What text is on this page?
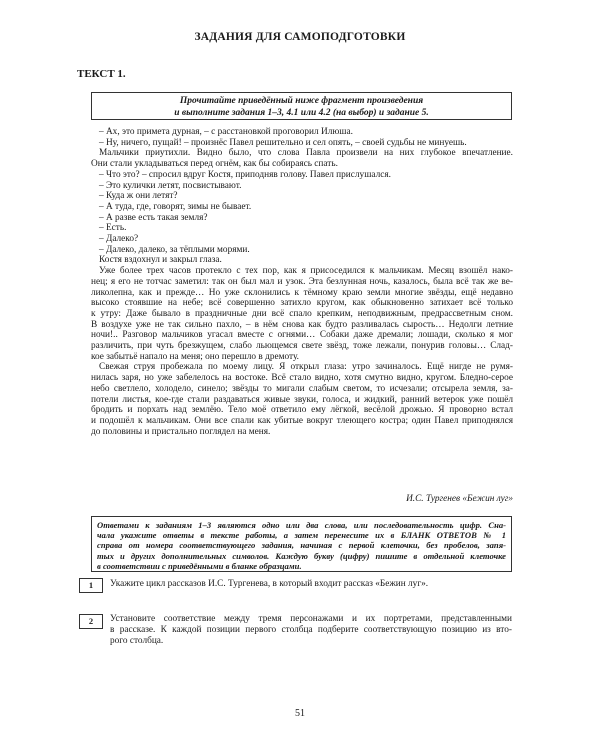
ЗАДАНИЯ ДЛЯ САМОПОДГОТОВКИ
ТЕКСТ 1.
Прочитайте приведённый ниже фрагмент произведения
и выполните задания 1–3, 4.1 или 4.2 (на выбор) и задание 5.
– Ах, это примета дурная, – с расстановкой проговорил Илюша.
– Ну, ничего, пущай! – произнёс Павел решительно и сел опять, – своей судьбы не минуешь.
Мальчики приутихли. Видно было, что слова Павла произвели на них глубокое впечатление.
Они стали укладываться перед огнём, как бы собираясь спать.
– Что это? – спросил вдруг Костя, приподняв голову. Павел прислушался.
– Это кулички летят, посвистывают.
– Куда ж они летят?
– А туда, где, говорят, зимы не бывает.
– А разве есть такая земля?
– Есть.
– Далеко?
– Далеко, далеко, за тёплыми морями.
Костя вздохнул и закрыл глаза.
Уже более трех часов протекло с тех пор, как я присоседился к мальчикам. Месяц взошёл нако-
нец; я его не тотчас заметил: так он был мал и узок. Эта безлунная ночь, казалось, была всё так же ве-
ликолепна, как и прежде… Но уже склонились к тёмному краю земли многие звёзды, ещё недавно
высоко стоявшие на небе; всё совершенно затихло кругом, как обыкновенно затихает всё только
к утру: Даже бывало в праздничные дни всё спало крепким, неподвижным, предрассветным сном.
В воздухе уже не так сильно пахло, – в нём снова как будто разливалась сырость… Недолги летние
ночи!.. Разговор мальчиков угасал вместе с огнями… Собаки даже дремали; лошади, сколько я мог
различить, при чуть брезжущем, слабо льющемся свете звёзд, тоже лежали, понурив головы… Слад-
кое забытьё напало на меня; оно перешло в дремоту.
Свежая струя пробежала по моему лицу. Я открыл глаза: утро зачиналось. Ещё нигде не румя-
нилась заря, но уже забелелось на востоке. Всё стало видно, хотя смутно видно, кругом. Бледно-серое
небо светлело, холодело, синело; звёзды то мигали слабым светом, то исчезали; отсырела земля, за-
потели листья, кое-где стали раздаваться живые звуки, голоса, и жидкий, ранний ветерок уже пошёл
бродить и порхать над землёю. Тело моё ответило ему лёгкой, весёлой дрожью. Я проворно встал
и подошёл к мальчикам. Они все спали как убитые вокруг тлеющего костра; один Павел приподнялся
до половины и пристально поглядел на меня.
И.С. Тургенев «Бежин луг»
Ответами к заданиям 1–3 являются одно или два слова, или последовательность цифр. Сна-
чала укажите ответы в тексте работы, а затем перенесите их в БЛАНК ОТВЕТОВ № 1
справа от номера соответствующего задания, начиная с первой клеточки, без пробелов, запя-
тых и других дополнительных символов. Каждую букву (цифру) пишите в отдельной клеточке
в соответствии с приведёнными в бланке образцами.
1	Укажите цикл рассказов И.С. Тургенева, в который входит рассказ «Бежин луг».
2	Установите соответствие между тремя персонажами и их портретами, представленными
в рассказе. К каждой позиции первого столбца подберите соответствующую позицию из вто-
рого столбца.
51
